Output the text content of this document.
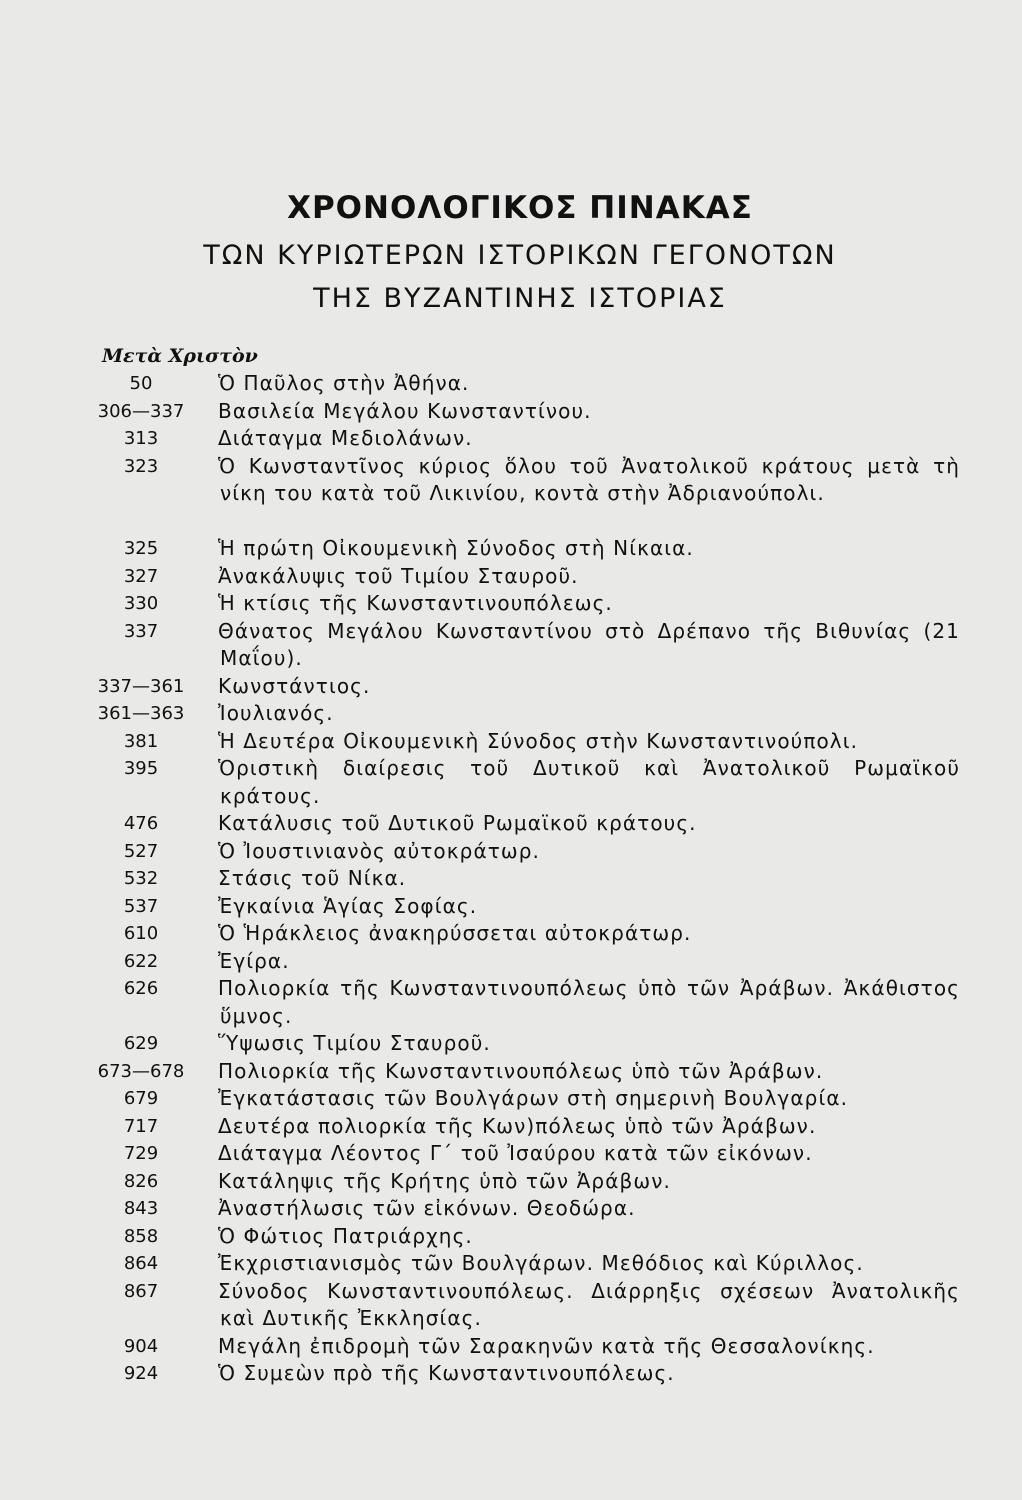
ΧΡΟΝΟΛΟΓΙΚΟΣ ΠΙΝΑΚΑΣ
ΤΩΝ ΚΥΡΙΩΤΕΡΩΝ ΙΣΤΟΡΙΚΩΝ ΓΕΓΟΝΟΤΩΝ
ΤΗΣ ΒΥΖΑΝΤΙΝΗΣ ΙΣΤΟΡΙΑΣ
Μετὰ Χριστὸν
50	Ὁ Παῦλος στὴν Ἀθήνα.
306—337	Βασιλεία Μεγάλου Κωνσταντίνου.
313	Διάταγμα Μεδιολάνων.
323	Ὁ Κωνσταντῖνος κύριος ὅλου τοῦ Ἀνατολικοῦ κράτους μετὰ τὴ νίκη του κατὰ τοῦ Λικινίου, κοντὰ στὴν Ἀδριανούπολι.
325	Ἡ πρώτη Οἰκουμενικὴ Σύνοδος στὴ Νίκαια.
327	Ἀνακάλυψις τοῦ Τιμίου Σταυροῦ.
330	Ἡ κτίσις τῆς Κωνσταντινουπόλεως.
337	Θάνατος Μεγάλου Κωνσταντίνου στὸ Δρέπανο τῆς Βιθυνίας (21 Μαΐου).
337—361	Κωνστάντιος.
361—363	Ἰουλιανός.
381	Ἡ Δευτέρα Οἰκουμενικὴ Σύνοδος στὴν Κωνσταντινούπολι.
395	Ὁριστικὴ διαίρεσις τοῦ Δυτικοῦ καὶ Ἀνατολικοῦ Ρωμαϊκοῦ κράτους.
476	Κατάλυσις τοῦ Δυτικοῦ Ρωμαϊκοῦ κράτους.
527	Ὁ Ἰουστινιανὸς αὐτοκράτωρ.
532	Στάσις τοῦ Νίκα.
537	Ἐγκαίνια Ἁγίας Σοφίας.
610	Ὁ Ἡράκλειος ἀνακηρύσσεται αὐτοκράτωρ.
622	Ἐγίρα.
626	Πολιορκία τῆς Κωνσταντινουπόλεως ὑπὸ τῶν Ἀράβων. Ἀκάθιστος ὕμνος.
629	Ὕψωσις Τιμίου Σταυροῦ.
673—678	Πολιορκία τῆς Κωνσταντινουπόλεως ὑπὸ τῶν Ἀράβων.
679	Ἐγκατάστασις τῶν Βουλγάρων στὴ σημερινὴ Βουλγαρία.
717	Δευτέρα πολιορκία τῆς Κων)πόλεως ὑπὸ τῶν Ἀράβων.
729	Διάταγμα Λέοντος Γ΄ τοῦ Ἰσαύρου κατὰ τῶν εἰκόνων.
826	Κατάληψις τῆς Κρήτης ὑπὸ τῶν Ἀράβων.
843	Ἀναστήλωσις τῶν εἰκόνων. Θεοδώρα.
858	Ὁ Φώτιος Πατριάρχης.
864	Ἐκχριστιανισμὸς τῶν Βουλγάρων. Μεθόδιος καὶ Κύριλλος.
867	Σύνοδος Κωνσταντινουπόλεως. Διάρρηξις σχέσεων Ἀνατολικῆς καὶ Δυτικῆς Ἐκκλησίας.
904	Μεγάλη ἐπιδρομὴ τῶν Σαρακηνῶν κατὰ τῆς Θεσσαλονίκης.
924	Ὁ Συμεὼν πρὸ τῆς Κωνσταντινουπόλεως.
